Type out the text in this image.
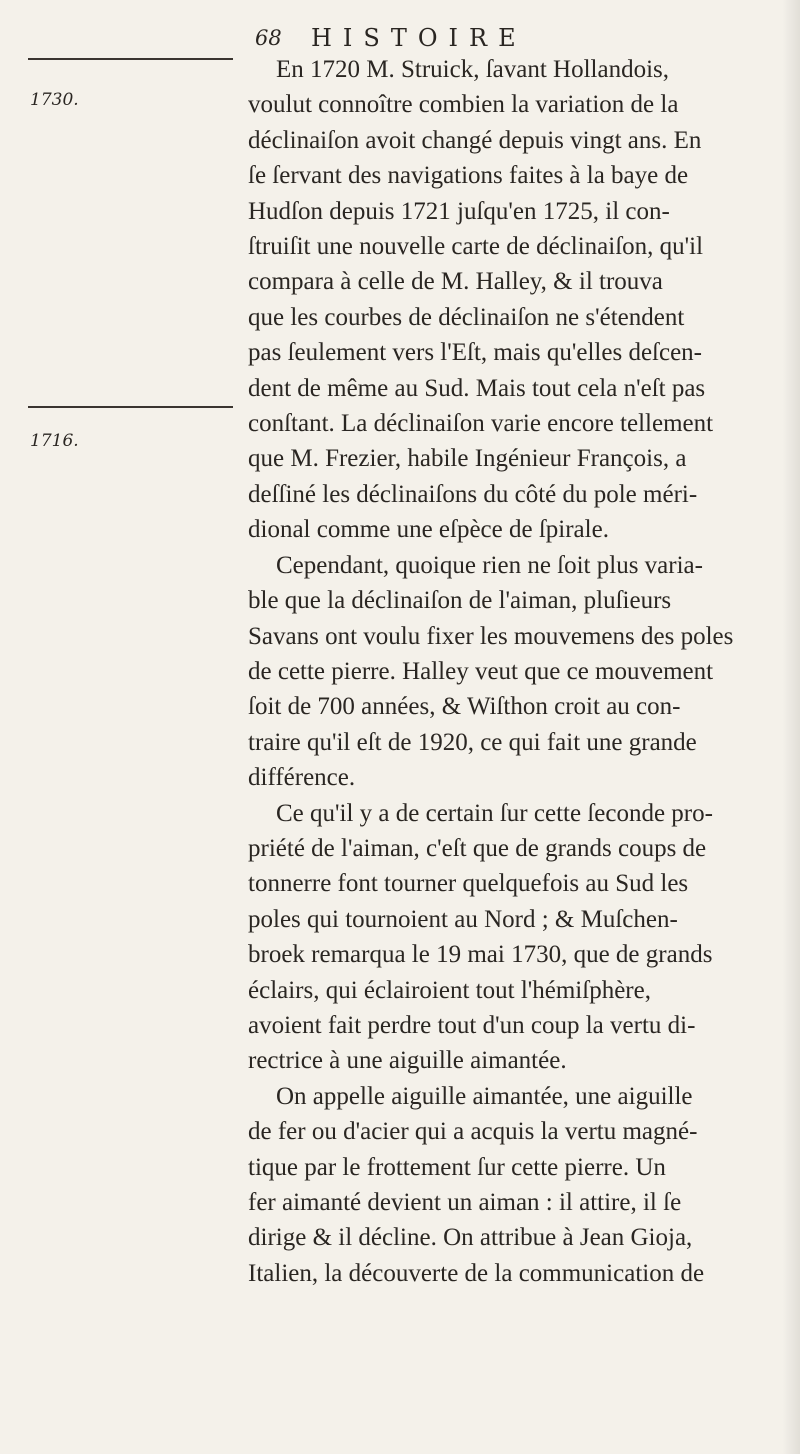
68 HISTOIRE
1730.
1716.
En 1720 M. Struick, ſavant Hollandois,
voulut connoître combien la variation de la
déclinaiſon avoit changé depuis vingt ans. En
ſe ſervant des navigations faites à la baye de
Hudſon depuis 1721 juſqu'en 1725, il con-
ſtruiſit une nouvelle carte de déclinaiſon, qu'il
compara à celle de M. Halley, & il trouva
que les courbes de déclinaiſon ne s'étendent
pas ſeulement vers l'Eſt, mais qu'elles deſcen-
dent de même au Sud. Mais tout cela n'eſt pas
conſtant. La déclinaiſon varie encore tellement
que M. Frezier, habile Ingénieur François, a
deſſiné les déclinaiſons du côté du pole méri-
dional comme une eſpèce de ſpirale.
Cependant, quoique rien ne ſoit plus varia-
ble que la déclinaiſon de l'aiman, pluſieurs
Savans ont voulu fixer les mouvemens des poles
de cette pierre. Halley veut que ce mouvement
ſoit de 700 années, & Wiſthon croit au con-
traire qu'il eſt de 1920, ce qui fait une grande
différence.
Ce qu'il y a de certain ſur cette ſeconde pro-
priété de l'aiman, c'eſt que de grands coups de
tonnerre font tourner quelquefois au Sud les
poles qui tournoient au Nord ; & Muſchen-
broek remarqua le 19 mai 1730, que de grands
éclairs, qui éclairoient tout l'hémiſphère,
avoient fait perdre tout d'un coup la vertu di-
rectrice à une aiguille aimantée.
On appelle aiguille aimantée, une aiguille
de fer ou d'acier qui a acquis la vertu magné-
tique par le frottement ſur cette pierre. Un
fer aimanté devient un aiman : il attire, il ſe
dirige & il décline. On attribue à Jean Gioja,
Italien, la découverte de la communication de
